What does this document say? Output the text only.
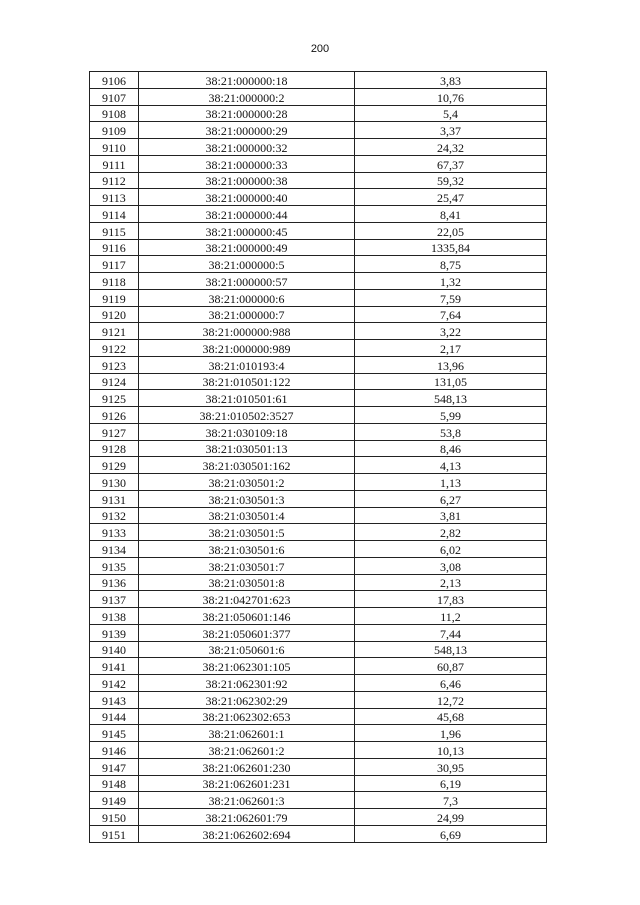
200
9106	38:21:000000:18	3,83
9107	38:21:000000:2	10,76
9108	38:21:000000:28	5,4
9109	38:21:000000:29	3,37
9110	38:21:000000:32	24,32
9111	38:21:000000:33	67,37
9112	38:21:000000:38	59,32
9113	38:21:000000:40	25,47
9114	38:21:000000:44	8,41
9115	38:21:000000:45	22,05
9116	38:21:000000:49	1335,84
9117	38:21:000000:5	8,75
9118	38:21:000000:57	1,32
9119	38:21:000000:6	7,59
9120	38:21:000000:7	7,64
9121	38:21:000000:988	3,22
9122	38:21:000000:989	2,17
9123	38:21:010193:4	13,96
9124	38:21:010501:122	131,05
9125	38:21:010501:61	548,13
9126	38:21:010502:3527	5,99
9127	38:21:030109:18	53,8
9128	38:21:030501:13	8,46
9129	38:21:030501:162	4,13
9130	38:21:030501:2	1,13
9131	38:21:030501:3	6,27
9132	38:21:030501:4	3,81
9133	38:21:030501:5	2,82
9134	38:21:030501:6	6,02
9135	38:21:030501:7	3,08
9136	38:21:030501:8	2,13
9137	38:21:042701:623	17,83
9138	38:21:050601:146	11,2
9139	38:21:050601:377	7,44
9140	38:21:050601:6	548,13
9141	38:21:062301:105	60,87
9142	38:21:062301:92	6,46
9143	38:21:062302:29	12,72
9144	38:21:062302:653	45,68
9145	38:21:062601:1	1,96
9146	38:21:062601:2	10,13
9147	38:21:062601:230	30,95
9148	38:21:062601:231	6,19
9149	38:21:062601:3	7,3
9150	38:21:062601:79	24,99
9151	38:21:062602:694	6,69
